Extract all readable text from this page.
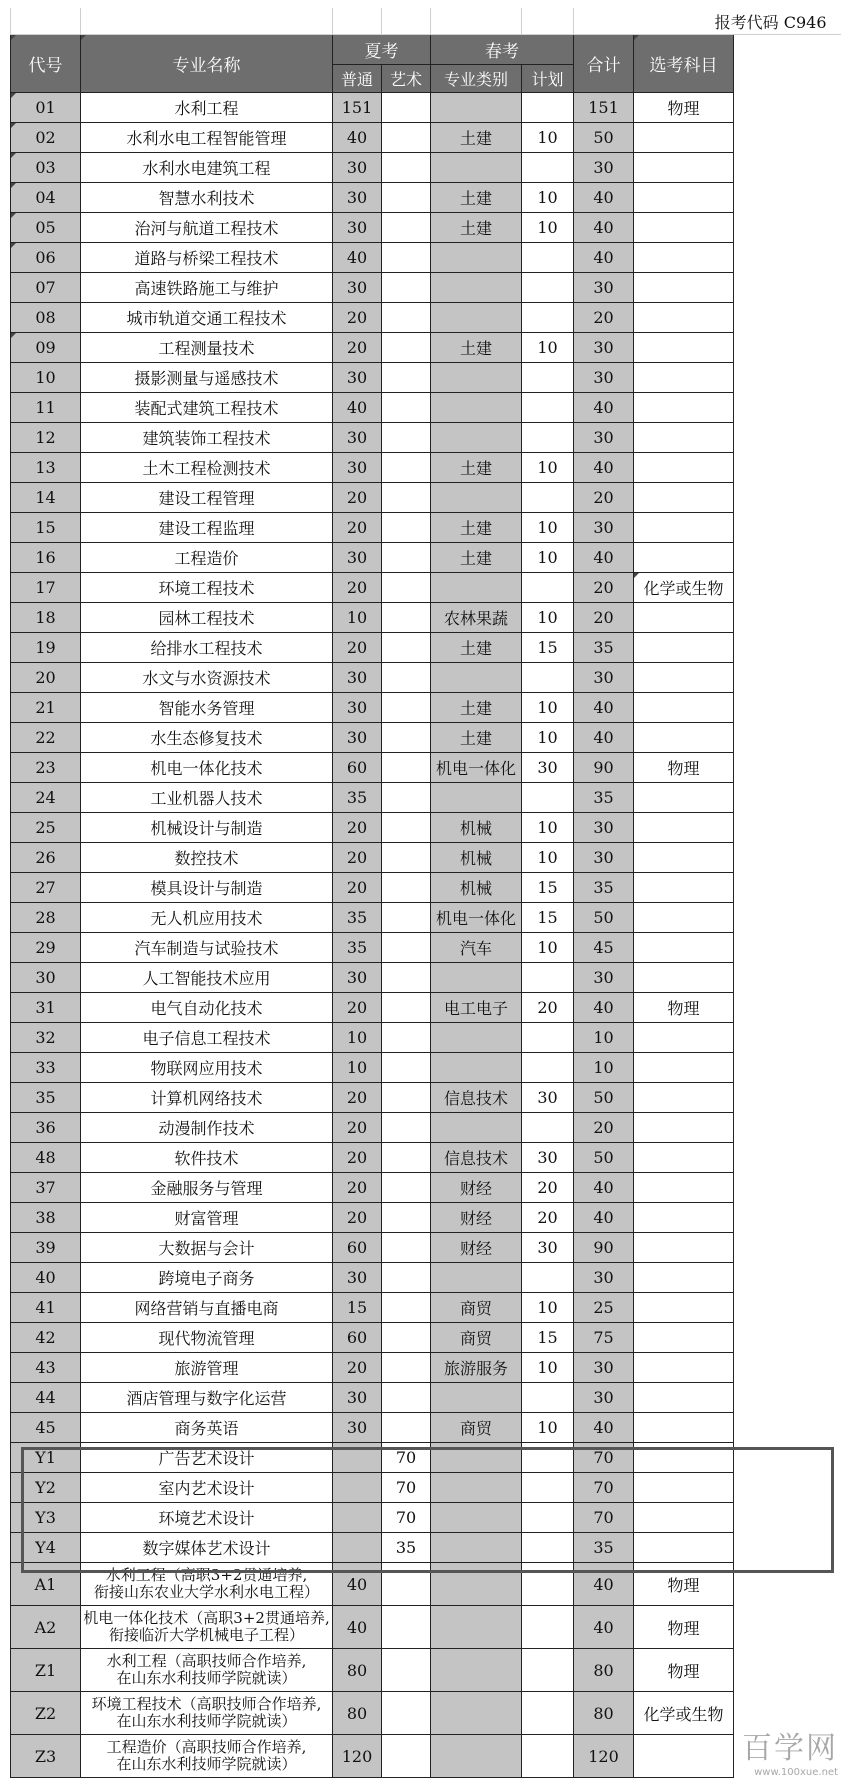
						报考代码 C946	
代号	专业名称	夏考		春考		合计	选考科目
		普通	艺术	专业类别	计划		
01	水利工程	151				151	物理
02	水利水电工程智能管理	40		土建	10	50	
03	水利水电建筑工程	30				30	
04	智慧水利技术	30		土建	10	40	
05	治河与航道工程技术	30		土建	10	40	
06	道路与桥梁工程技术	40				40	
07	高速铁路施工与维护	30				30	
08	城市轨道交通工程技术	20				20	
09	工程测量技术	20		土建	10	30	
10	摄影测量与遥感技术	30				30	
11	装配式建筑工程技术	40				40	
12	建筑装饰工程技术	30				30	
13	土木工程检测技术	30		土建	10	40	
14	建设工程管理	20				20	
15	建设工程监理	20		土建	10	30	
16	工程造价	30		土建	10	40	
17	环境工程技术	20				20	化学或生物
18	园林工程技术	10		农林果蔬	10	20	
19	给排水工程技术	20		土建	15	35	
20	水文与水资源技术	30				30	
21	智能水务管理	30		土建	10	40	
22	水生态修复技术	30		土建	10	40	
23	机电一体化技术	60		机电一体化	30	90	物理
24	工业机器人技术	35				35	
25	机械设计与制造	20		机械	10	30	
26	数控技术	20		机械	10	30	
27	模具设计与制造	20		机械	15	35	
28	无人机应用技术	35		机电一体化	15	50	
29	汽车制造与试验技术	35		汽车	10	45	
30	人工智能技术应用	30				30	
31	电气自动化技术	20		电工电子	20	40	物理
32	电子信息工程技术	10				10	
33	物联网应用技术	10				10	
35	计算机网络技术	20		信息技术	30	50	
36	动漫制作技术	20				20	
48	软件技术	20		信息技术	30	50	
37	金融服务与管理	20		财经	20	40	
38	财富管理	20		财经	20	40	
39	大数据与会计	60		财经	30	90	
40	跨境电子商务	30				30	
41	网络营销与直播电商	15		商贸	10	25	
42	现代物流管理	60		商贸	15	75	
43	旅游管理	20		旅游服务	10	30	
44	酒店管理与数字化运营	30				30	
45	商务英语	30		商贸	10	40	
Y1	广告艺术设计		70			70	
Y2	室内艺术设计		70			70	
Y3	环境艺术设计		70			70	
Y4	数字媒体艺术设计		35			35	
A1	水利工程（高职3+2贯通培养,
衔接山东农业大学水利水电工程）	40				40	物理
A2	机电一体化技术（高职3+2贯通培养,
衔接临沂大学机械电子工程）	40				40	物理
Z1	水利工程（高职技师合作培养,
在山东水利技师学院就读）	80				80	物理
Z2	环境工程技术（高职技师合作培养,
在山东水利技师学院就读）	80				80	化学或生物
Z3	工程造价（高职技师合作培养,
在山东水利技师学院就读）	120				120		百学网
www.100xue.net
